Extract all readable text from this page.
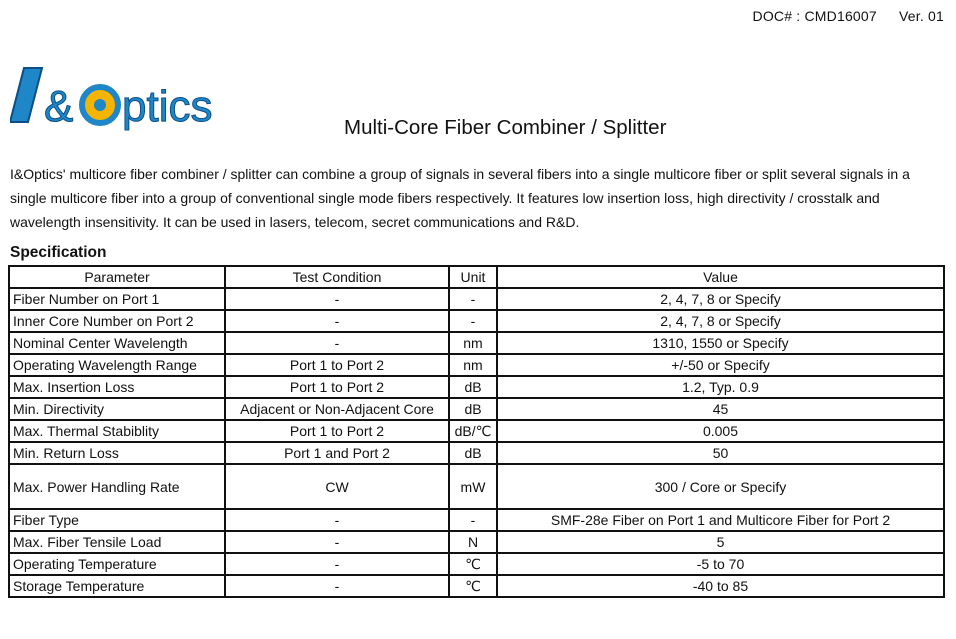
DOC# : CMD16007 Ver. 01
& ptics	Multi-Core Fiber Combiner / Splitter

I&Optics' multicore fiber combiner / splitter can combine a group of signals in several fibers into a single multicore fiber or split several signals in a single multicore fiber into a group of conventional single mode fibers respectively. It features low insertion loss, high directivity / crosstalk and wavelength insensitivity. It can be used in lasers, telecom, secret communications and R&D.

Specification
Parameter	Test Condition	Unit	Value
Fiber Number on Port 1	-	-	2, 4, 7, 8 or Specify
Inner Core Number on Port 2	-	-	2, 4, 7, 8 or Specify
Nominal Center Wavelength	-	nm	1310, 1550 or Specify
Operating Wavelength Range	Port 1 to Port 2	nm	+/-50 or Specify
Max. Insertion Loss	Port 1 to Port 2	dB	1.2, Typ. 0.9
Min. Directivity	Adjacent or Non-Adjacent Core	dB	45
Max. Thermal Stabiblity	Port 1 to Port 2	dB/℃	0.005
Min. Return Loss	Port 1 and Port 2	dB	50
Max. Power Handling Rate	CW	mW	300 / Core or Specify
Fiber Type	-	-	SMF-28e Fiber on Port 1 and Multicore Fiber for Port 2
Max. Fiber Tensile Load	-	N	5
Operating Temperature	-	℃	-5 to 70
Storage Temperature	-	℃	-40 to 85
